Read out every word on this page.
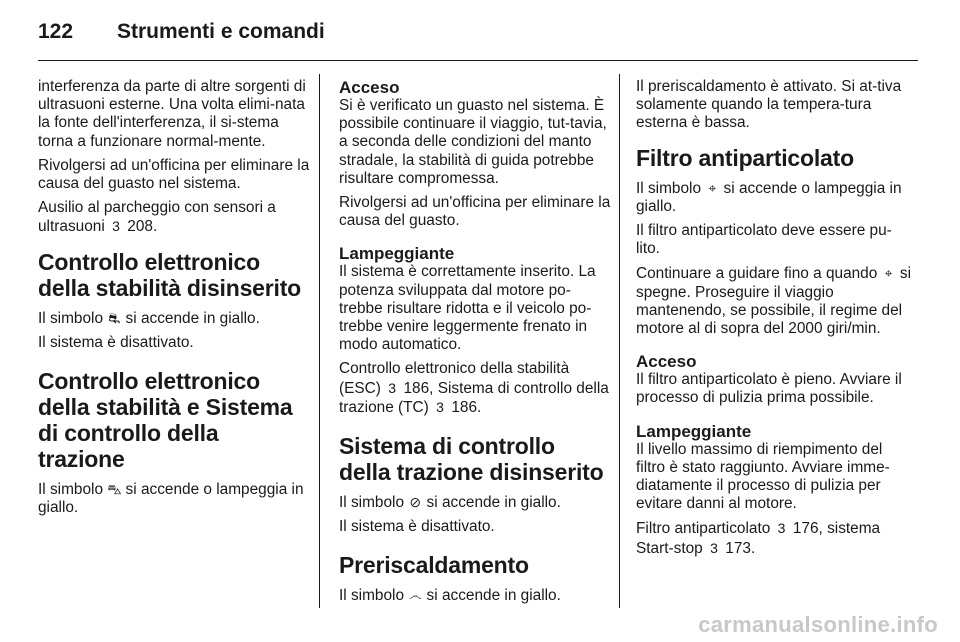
122 Strumenti e comandi

interferenza da parte di altre sorgenti di ultrasuoni esterne. Una volta elimi-nata la fonte dell'interferenza, il si-stema torna a funzionare normal-mente.

Rivolgersi ad un'officina per eliminare la causa del guasto nel sistema.

Ausilio al parcheggio con sensori a ultrasuoni 3 208.

Controllo elettronico della stabilità disinserito

Il simbolo ⛐ si accende in giallo.

Il sistema è disattivato.

Controllo elettronico della stabilità e Sistema di controllo della trazione

Il simbolo ⛍ si accende o lampeggia in giallo.

Acceso

Si è verificato un guasto nel sistema. È possibile continuare il viaggio, tut-tavia, a seconda delle condizioni del manto stradale, la stabilità di guida potrebbe risultare compromessa.

Rivolgersi ad un'officina per eliminare la causa del guasto.

Lampeggiante

Il sistema è correttamente inserito. La potenza sviluppata dal motore po-trebbe risultare ridotta e il veicolo po-trebbe venire leggermente frenato in modo automatico.

Controllo elettronico della stabilità (ESC) 3 186, Sistema di controllo della trazione (TC) 3 186.

Sistema di controllo della trazione disinserito

Il simbolo ⊘ si accende in giallo.

Il sistema è disattivato.

Preriscaldamento

Il simbolo ෴ si accende in giallo.

Il preriscaldamento è attivato. Si at-tiva solamente quando la tempera-tura esterna è bassa.

Filtro antiparticolato

Il simbolo ⌖ si accende o lampeggia in giallo.

Il filtro antiparticolato deve essere pu-lito.

Continuare a guidare fino a quando ⌖ si spegne. Proseguire il viaggio mantenendo, se possibile, il regime del motore al di sopra del 2000 giri/min.

Acceso

Il filtro antiparticolato è pieno. Avviare il processo di pulizia prima possibile.

Lampeggiante

Il livello massimo di riempimento del filtro è stato raggiunto. Avviare imme-diatamente il processo di pulizia per evitare danni al motore.

Filtro antiparticolato 3 176, sistema Start-stop 3 173.

carmanualsonline.info
